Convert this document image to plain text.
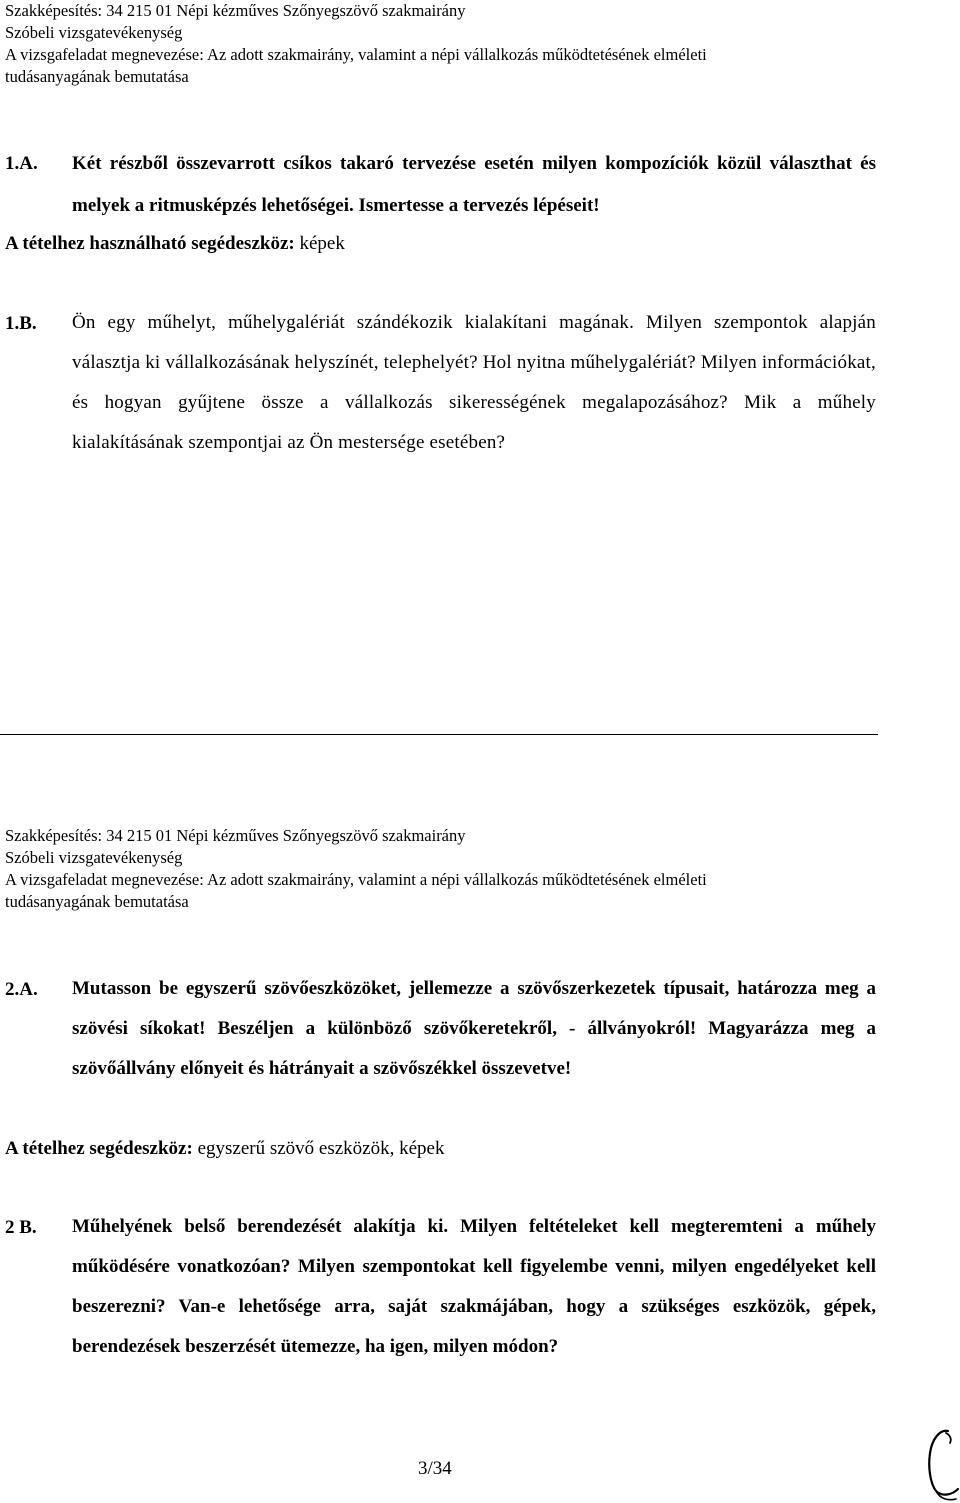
Szakképesítés: 34 215 01 Népi kézműves Szőnyegszövő szakmairány
Szóbeli vizsgatevékenység
A vizsgafeladat megnevezése: Az adott szakmairány, valamint a népi vállalkozás működtetésének elméleti
tudásanyagának bemutatása
1.A. Két részből összevarrott csíkos takaró tervezése esetén milyen kompozíciók közül választhat és melyek a ritmusképzés lehetőségei. Ismertesse a tervezés lépéseit!
A tételhez használható segédeszköz: képek
1.B. Ön egy műhelyt, műhelygalériát szándékozik kialakítani magának. Milyen szempontok alapján választja ki vállalkozásának helyszínét, telephelyét? Hol nyitna műhelygalériát? Milyen információkat, és hogyan gyűjtene össze a vállalkozás sikerességének megalapozásához? Mik a műhely kialakításának szempontjai az Ön mestersége esetében?
Szakképesítés: 34 215 01 Népi kézműves Szőnyegszövő szakmairány
Szóbeli vizsgatevékenység
A vizsgafeladat megnevezése: Az adott szakmairány, valamint a népi vállalkozás működtetésének elméleti
tudásanyagának bemutatása
2.A. Mutasson be egyszerű szövőeszközöket, jellemezze a szövőszerkezetek típusait, határozza meg a szövési síkokat! Beszéljen a különböző szövőkeretekről, - állványokról! Magyarázza meg a szövőállvány előnyeit és hátrányait a szövőszékkel összevetve!
A tételhez segédeszköz: egyszerű szövő eszközök, képek
2 B. Műhelyének belső berendezését alakítja ki. Milyen feltételeket kell megteremteni a műhely működésére vonatkozóan? Milyen szempontokat kell figyelembe venni, milyen engedélyeket kell beszerezni? Van-e lehetősége arra, saját szakmájában, hogy a szükséges eszközök, gépek, berendezések beszerzését ütemezze, ha igen, milyen módon?
3/34
